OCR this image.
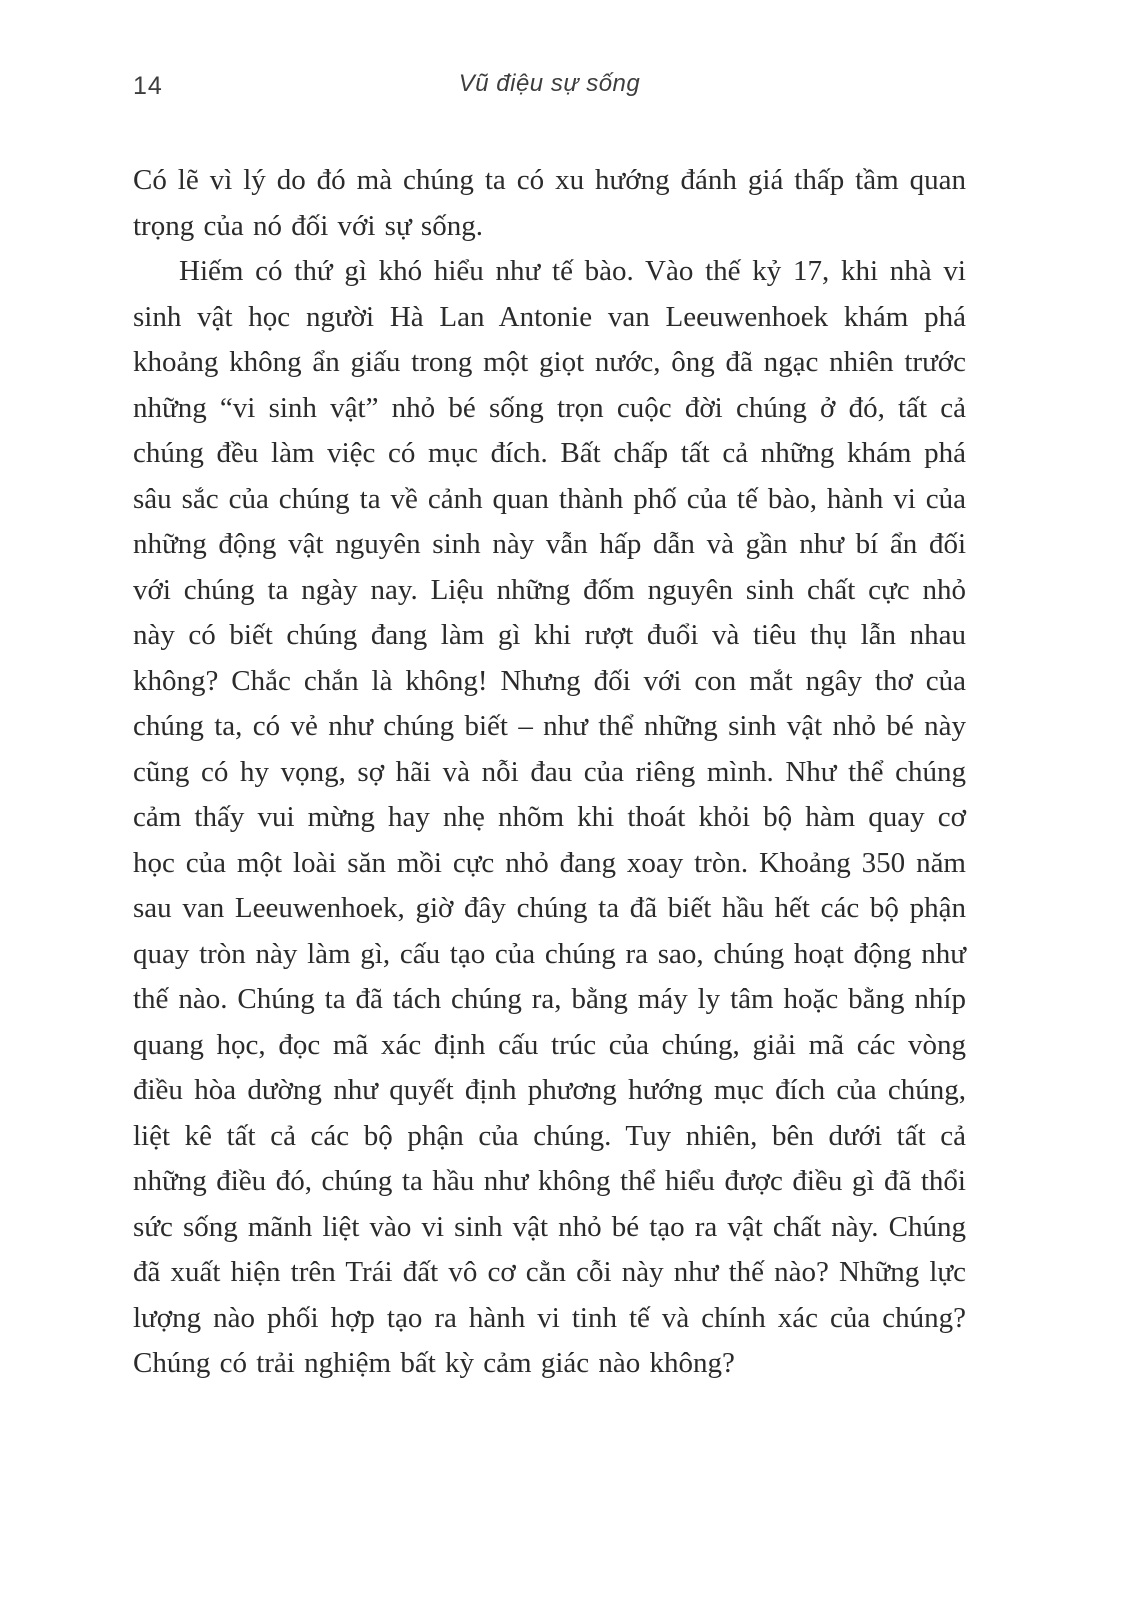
14	Vũ điệu sự sống

Có lẽ vì lý do đó mà chúng ta có xu hướng đánh giá thấp tầm quan trọng của nó đối với sự sống.

Hiếm có thứ gì khó hiểu như tế bào. Vào thế kỷ 17, khi nhà vi sinh vật học người Hà Lan Antonie van Leeuwenhoek khám phá khoảng không ẩn giấu trong một giọt nước, ông đã ngạc nhiên trước những “vi sinh vật” nhỏ bé sống trọn cuộc đời chúng ở đó, tất cả chúng đều làm việc có mục đích. Bất chấp tất cả những khám phá sâu sắc của chúng ta về cảnh quan thành phố của tế bào, hành vi của những động vật nguyên sinh này vẫn hấp dẫn và gần như bí ẩn đối với chúng ta ngày nay. Liệu những đốm nguyên sinh chất cực nhỏ này có biết chúng đang làm gì khi rượt đuổi và tiêu thụ lẫn nhau không? Chắc chắn là không! Nhưng đối với con mắt ngây thơ của chúng ta, có vẻ như chúng biết – như thể những sinh vật nhỏ bé này cũng có hy vọng, sợ hãi và nỗi đau của riêng mình. Như thể chúng cảm thấy vui mừng hay nhẹ nhõm khi thoát khỏi bộ hàm quay cơ học của một loài săn mồi cực nhỏ đang xoay tròn. Khoảng 350 năm sau van Leeuwenhoek, giờ đây chúng ta đã biết hầu hết các bộ phận quay tròn này làm gì, cấu tạo của chúng ra sao, chúng hoạt động như thế nào. Chúng ta đã tách chúng ra, bằng máy ly tâm hoặc bằng nhíp quang học, đọc mã xác định cấu trúc của chúng, giải mã các vòng điều hòa dường như quyết định phương hướng mục đích của chúng, liệt kê tất cả các bộ phận của chúng. Tuy nhiên, bên dưới tất cả những điều đó, chúng ta hầu như không thể hiểu được điều gì đã thổi sức sống mãnh liệt vào vi sinh vật nhỏ bé tạo ra vật chất này. Chúng đã xuất hiện trên Trái đất vô cơ cằn cỗi này như thế nào? Những lực lượng nào phối hợp tạo ra hành vi tinh tế và chính xác của chúng? Chúng có trải nghiệm bất kỳ cảm giác nào không?
